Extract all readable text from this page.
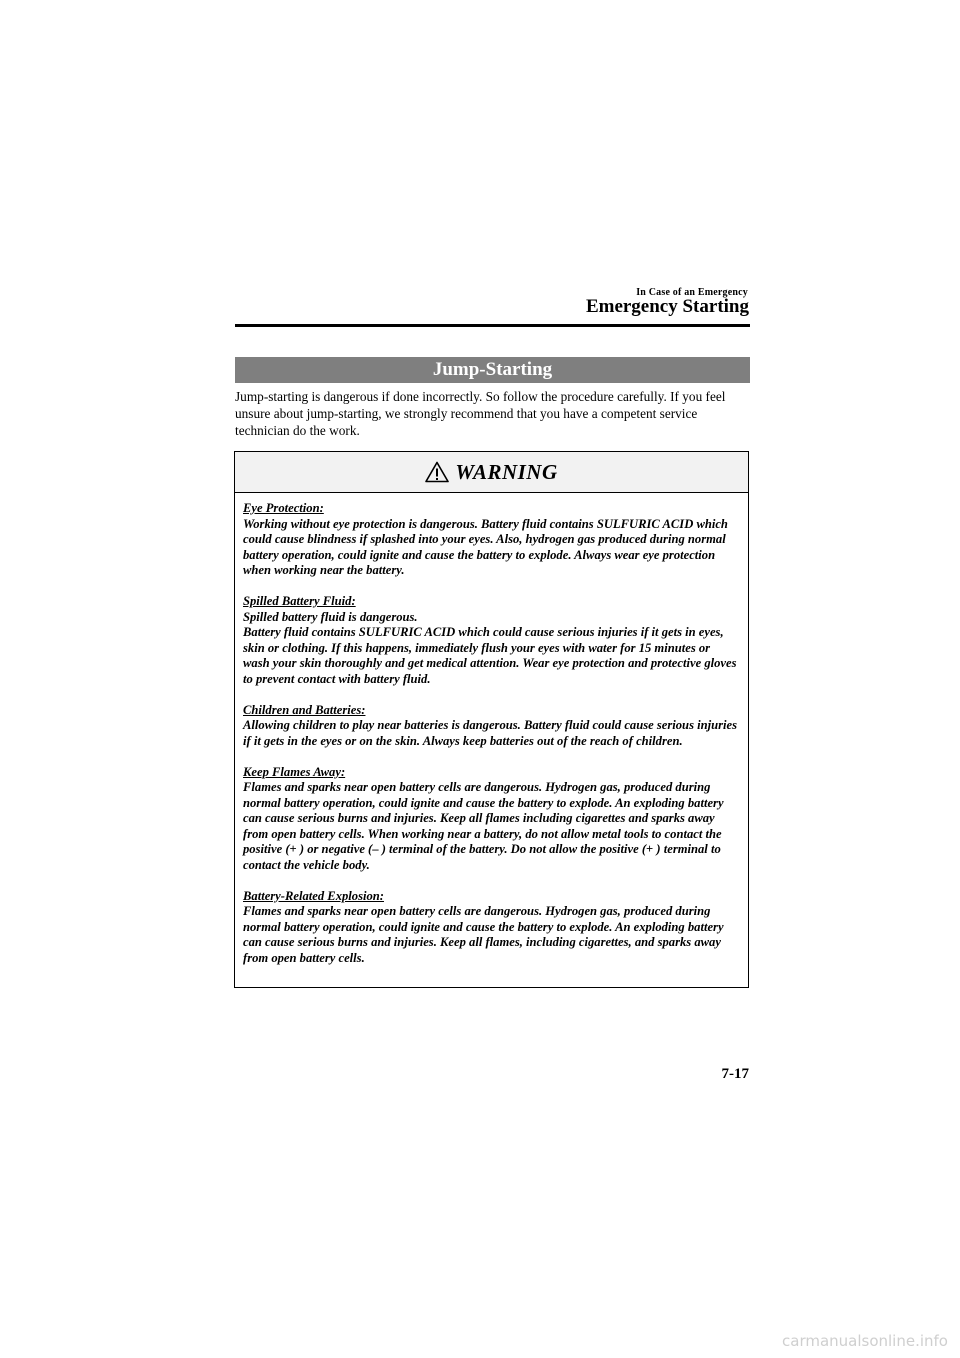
In Case of an Emergency
Emergency Starting
Jump-Starting
Jump-starting is dangerous if done incorrectly. So follow the procedure carefully. If you feel unsure about jump-starting, we strongly recommend that you have a competent service technician do the work.
WARNING
Eye Protection:
Working without eye protection is dangerous. Battery fluid contains SULFURIC ACID which could cause blindness if splashed into your eyes. Also, hydrogen gas produced during normal battery operation, could ignite and cause the battery to explode. Always wear eye protection when working near the battery.
Spilled Battery Fluid:
Spilled battery fluid is dangerous.
Battery fluid contains SULFURIC ACID which could cause serious injuries if it gets in eyes, skin or clothing. If this happens, immediately flush your eyes with water for 15 minutes or wash your skin thoroughly and get medical attention. Wear eye protection and protective gloves to prevent contact with battery fluid.
Children and Batteries:
Allowing children to play near batteries is dangerous. Battery fluid could cause serious injuries if it gets in the eyes or on the skin. Always keep batteries out of the reach of children.
Keep Flames Away:
Flames and sparks near open battery cells are dangerous. Hydrogen gas, produced during normal battery operation, could ignite and cause the battery to explode. An exploding battery can cause serious burns and injuries. Keep all flames including cigarettes and sparks away from open battery cells. When working near a battery, do not allow metal tools to contact the positive (+ ) or negative (– ) terminal of the battery. Do not allow the positive (+ ) terminal to contact the vehicle body.
Battery-Related Explosion:
Flames and sparks near open battery cells are dangerous. Hydrogen gas, produced during normal battery operation, could ignite and cause the battery to explode. An exploding battery can cause serious burns and injuries. Keep all flames, including cigarettes, and sparks away from open battery cells.
7-17
carmanualsonline.info
